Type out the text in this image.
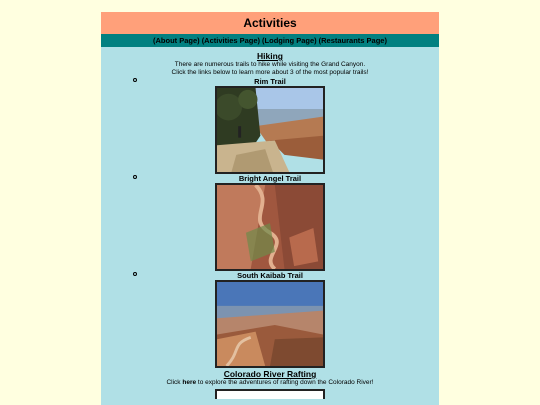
Activities
(About Page) (Activities Page) (Lodging Page) (Restaurants Page)
Hiking
There are numerous trails to hike while visiting the Grand Canyon.
Click the links below to learn more about 3 of the most popular trails!
Rim Trail
Bright Angel Trail
South Kaibab Trail
Colorado River Rafting
Click here to explore the adventures of rafting down the Colorado River!
